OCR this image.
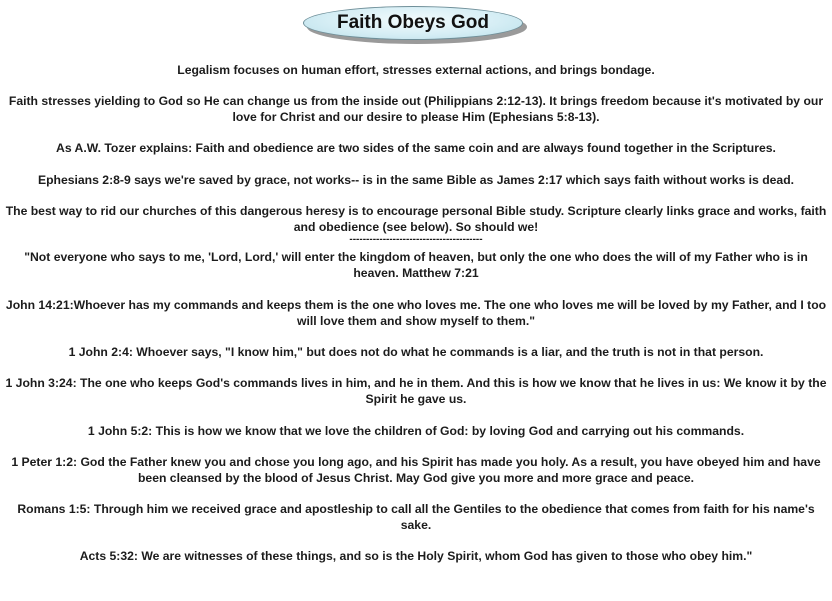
Faith Obeys God

Legalism focuses on human effort, stresses external actions, and brings bondage.

Faith stresses yielding to God so He can change us from the inside out (Philippians 2:12-13). It brings freedom because it's motivated by our love for Christ and our desire to please Him (Ephesians 5:8-13).

As A.W. Tozer explains: Faith and obedience are two sides of the same coin and are always found together in the Scriptures.

Ephesians 2:8-9 says we're saved by grace, not works-- is in the same Bible as James 2:17 which says faith without works is dead.

The best way to rid our churches of this dangerous heresy is to encourage personal Bible study. Scripture clearly links grace and works, faith and obedience (see below). So should we!

----------------------------------------

"Not everyone who says to me, 'Lord, Lord,' will enter the kingdom of heaven, but only the one who does the will of my Father who is in heaven. Matthew 7:21

John 14:21:Whoever has my commands and keeps them is the one who loves me. The one who loves me will be loved by my Father, and I too will love them and show myself to them."

1 John 2:4: Whoever says, "I know him," but does not do what he commands is a liar, and the truth is not in that person.

1 John 3:24: The one who keeps God's commands lives in him, and he in them. And this is how we know that he lives in us: We know it by the Spirit he gave us.

1 John 5:2: This is how we know that we love the children of God: by loving God and carrying out his commands.

1 Peter 1:2: God the Father knew you and chose you long ago, and his Spirit has made you holy. As a result, you have obeyed him and have been cleansed by the blood of Jesus Christ. May God give you more and more grace and peace.

Romans 1:5: Through him we received grace and apostleship to call all the Gentiles to the obedience that comes from faith for his name's sake.

Acts 5:32: We are witnesses of these things, and so is the Holy Spirit, whom God has given to those who obey him."
